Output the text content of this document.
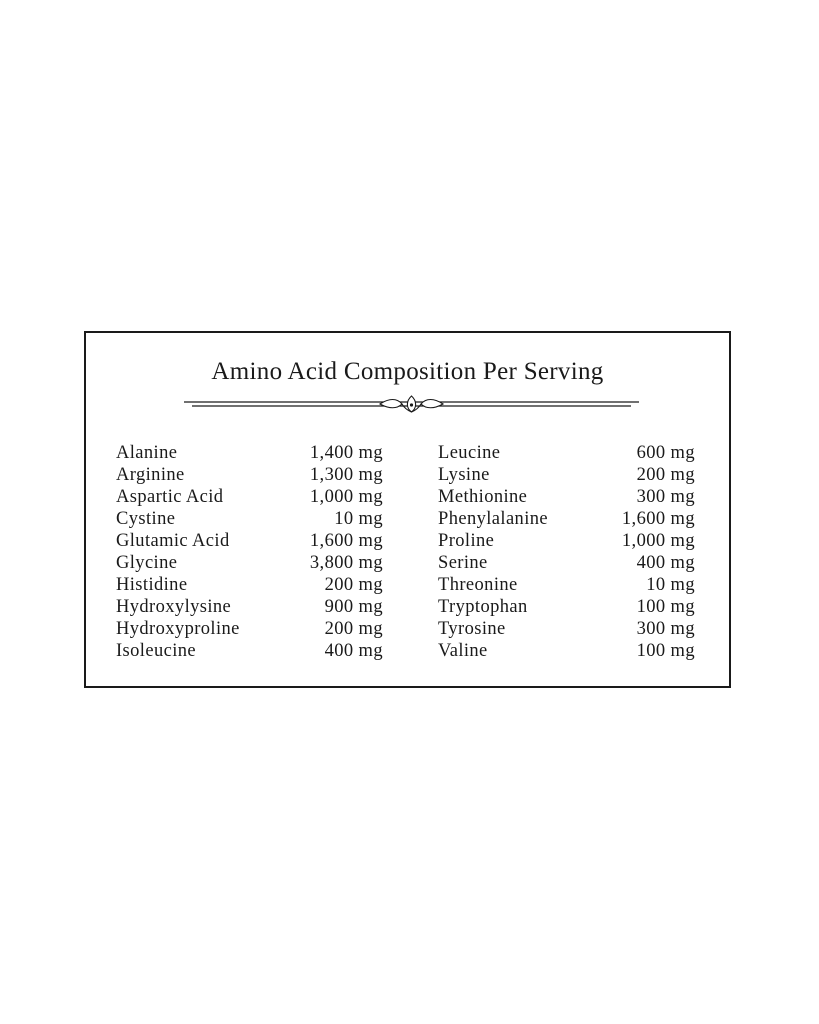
Amino Acid Composition Per Serving
Alanine	1,400 mg
Arginine	1,300 mg
Aspartic Acid	1,000 mg
Cystine	10 mg
Glutamic Acid	1,600 mg
Glycine	3,800 mg
Histidine	200 mg
Hydroxylysine	900 mg
Hydroxyproline	200 mg
Isoleucine	400 mg
Leucine	600 mg
Lysine	200 mg
Methionine	300 mg
Phenylalanine	1,600 mg
Proline	1,000 mg
Serine	400 mg
Threonine	10 mg
Tryptophan	100 mg
Tyrosine	300 mg
Valine	100 mg
